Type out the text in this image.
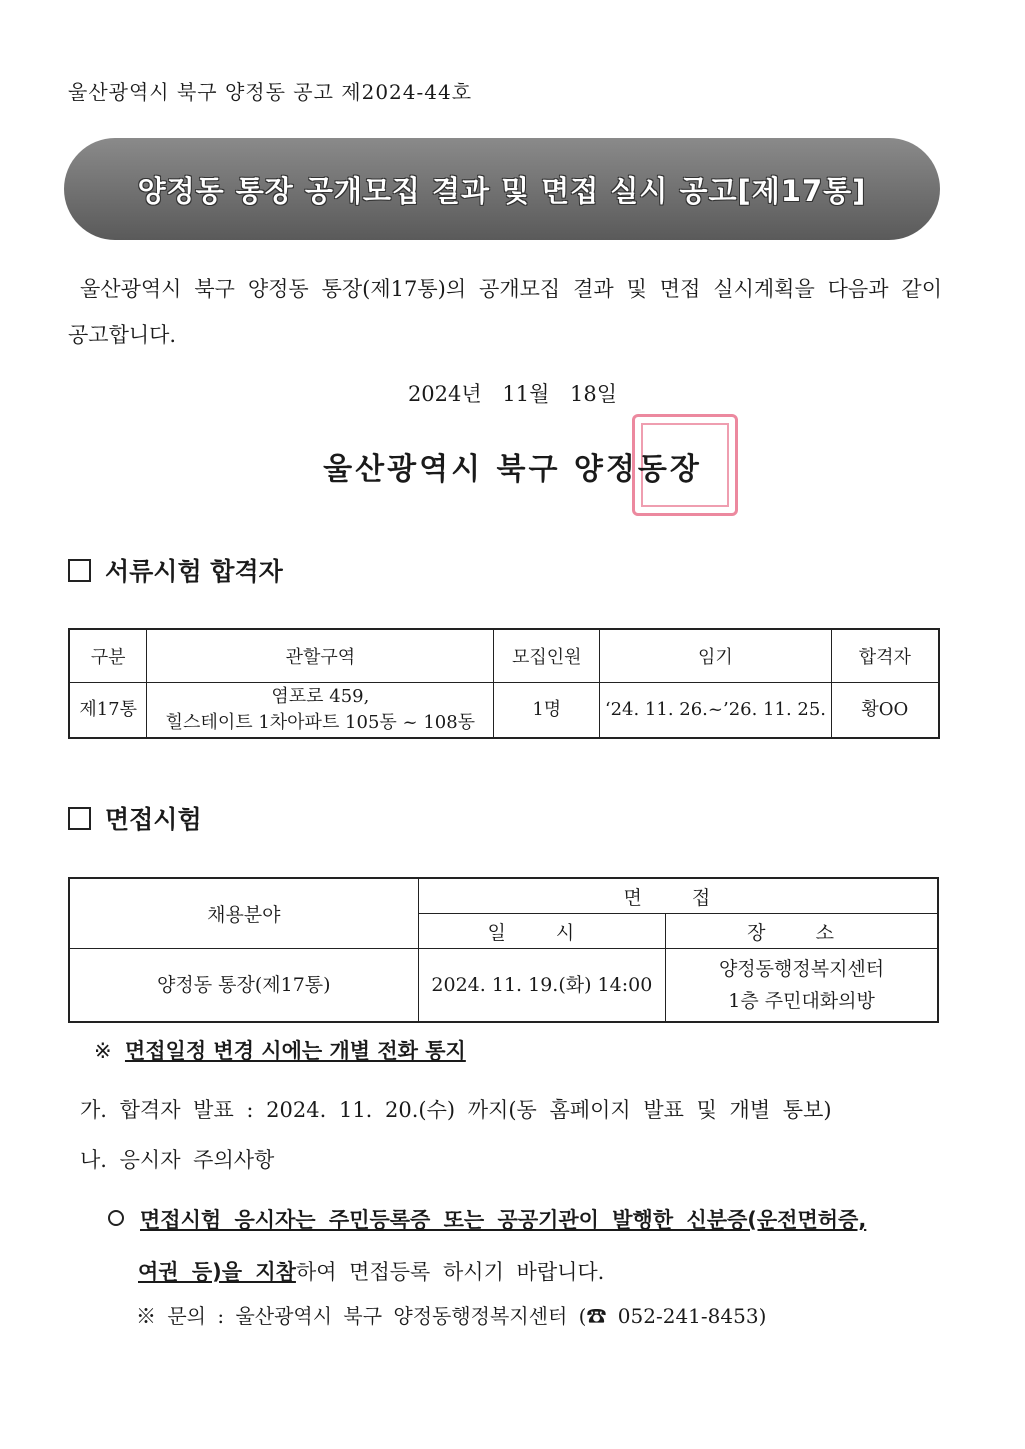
울산광역시 북구 양정동 공고 제2024-44호
양정동 통장 공개모집 결과 및 면접 실시 공고[제17통]
울산광역시 북구 양정동 통장(제17통)의 공개모집 결과 및 면접 실시계획을 다음과 같이 공고합니다.
2024년 11월 18일
울산광역시 북구 양정동장
서류시험 합격자
구분	관할구역	모집인원	임기	합격자
제17통	염포로 459,
힐스테이트 1차아파트 105동 ~ 108동	1명	‘24. 11. 26.~’26. 11. 25.	황OO
면접시험
채용분야	면 접	
	일 시	장 소
양정동 통장(제17통)	2024. 11. 19.(화) 14:00	양정동행정복지센터
1층 주민대화의방
※ 면접일정 변경 시에는 개별 전화 통지
가. 합격자 발표 : 2024. 11. 20.(수) 까지(동 홈페이지 발표 및 개별 통보)
나. 응시자 주의사항
면접시험 응시자는 주민등록증 또는 공공기관이 발행한 신분증(운전면허증,
여권 등)을 지참하여 면접등록 하시기 바랍니다.
※ 문의 : 울산광역시 북구 양정동행정복지센터 (☎ 052-241-8453)
